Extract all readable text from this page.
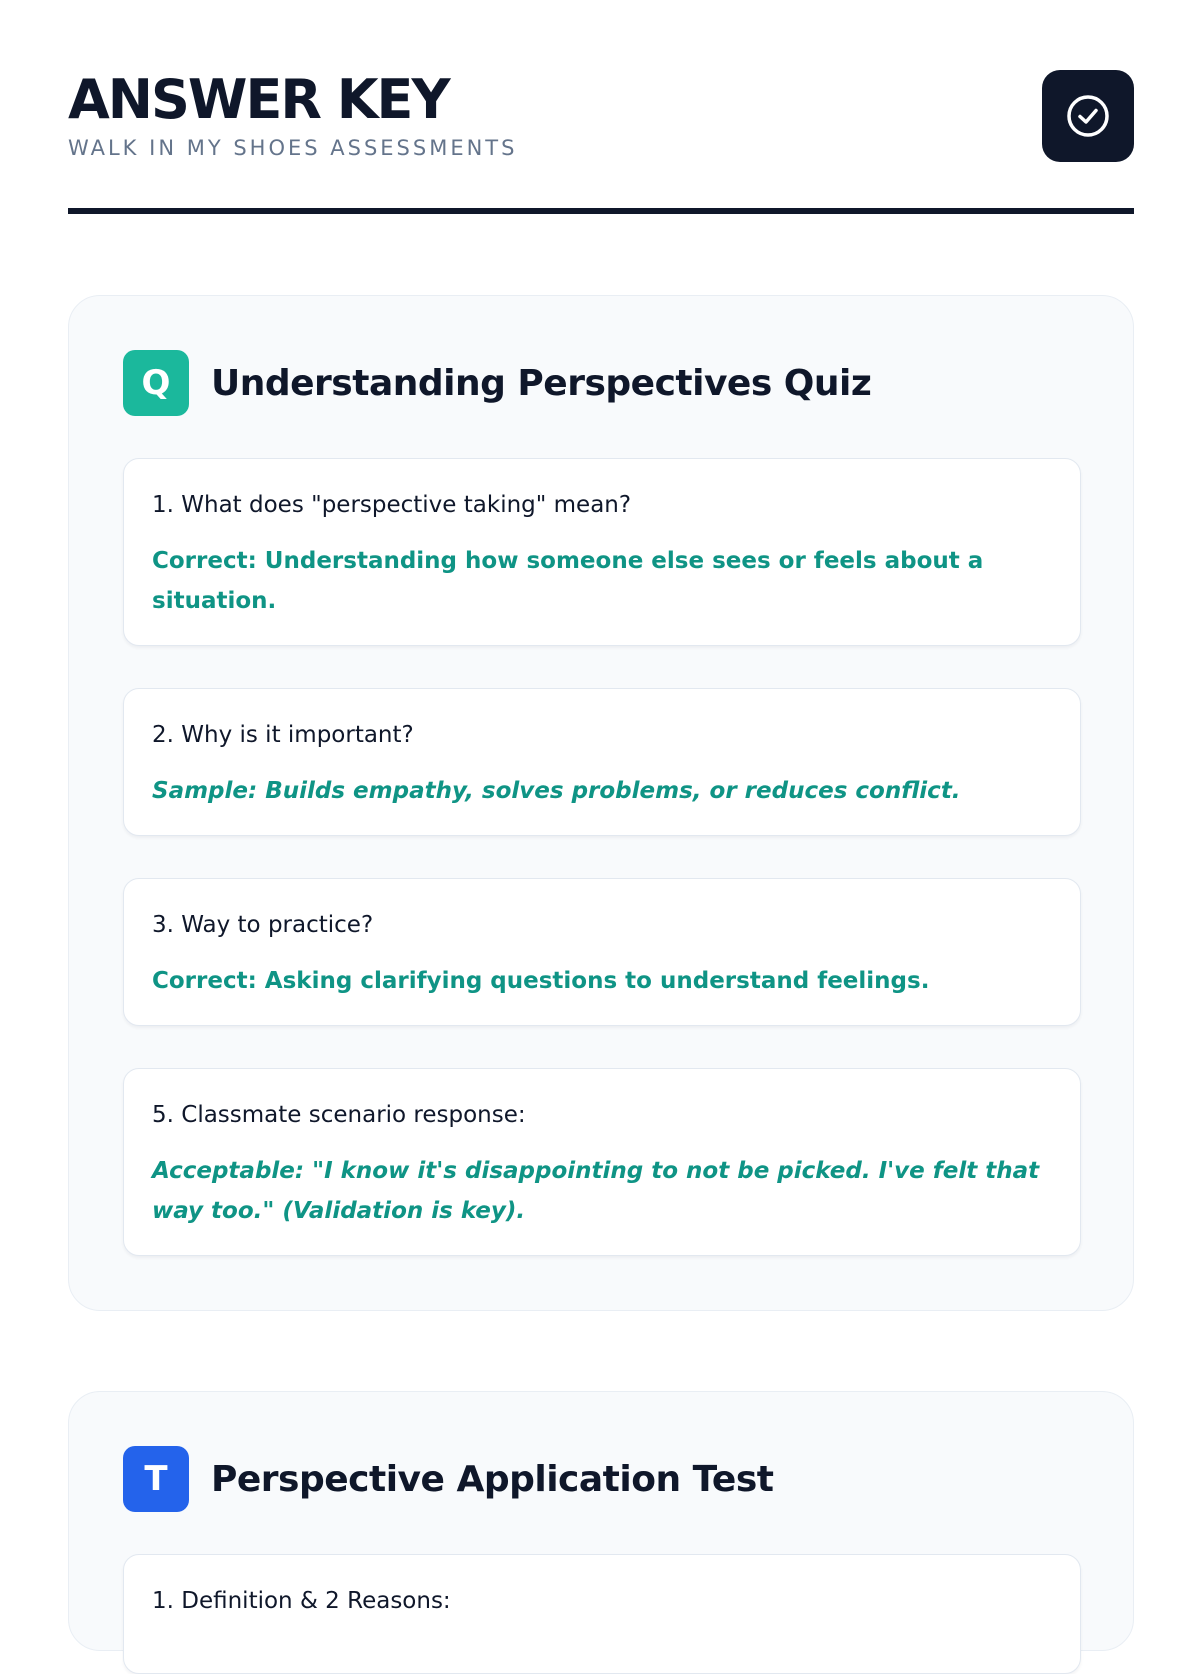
ANSWER KEY
WALK IN MY SHOES ASSESSMENTS
Q	Understanding Perspectives Quiz
1. What does "perspective taking" mean?
Correct: Understanding how someone else sees or feels about a situation.
2. Why is it important?
Sample: Builds empathy, solves problems, or reduces conflict.
3. Way to practice?
Correct: Asking clarifying questions to understand feelings.
5. Classmate scenario response:
Acceptable: "I know it's disappointing to not be picked. I've felt that way too." (Validation is key).
T	Perspective Application Test
1. Definition & 2 Reasons:
